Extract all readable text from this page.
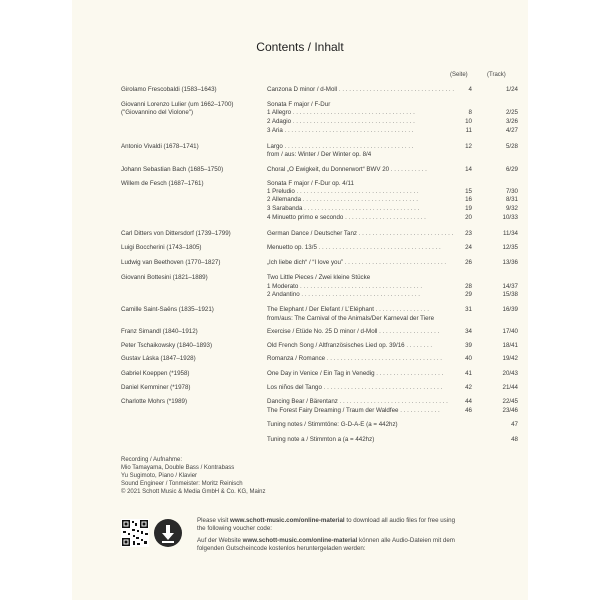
Contents / Inhalt
(Seite)	(Track)
Girolamo Frescobaldi (1583–1643)	Canzona D minor / d-Moll . . . . . . . . . . . . . . . . . . . . . . . . . . . . . . . . . .	4	1/24
Giovanni Lorenzo Lulier (um 1662–1700)	Sonata F major / F-Dur
("Giovannino del Violone")	1 Allegro . . . . . . . . . . . . . . . . . . . . . . . . . . . . . . . . . . . .	8	2/25
2 Adagio . . . . . . . . . . . . . . . . . . . . . . . . . . . . . . . . . . . .	10	3/26
3 Aria . . . . . . . . . . . . . . . . . . . . . . . . . . . . . . . . . . . . . .	11	4/27
Antonio Vivaldi (1678–1741)	Largo . . . . . . . . . . . . . . . . . . . . . . . . . . . . . . . . . . . . . .	12	5/28
from / aus: Winter / Der Winter op. 8/4
Johann Sebastian Bach (1685–1750)	Choral „O Ewigkeit, du Donnerwort“ BWV 20 . . . . . . . . . . .	14	6/29
Willem de Fesch (1687–1761)	Sonata F major / F-Dur op. 4/11
1 Preludio . . . . . . . . . . . . . . . . . . . . . . . . . . . . . . . . . . . .	15	7/30
2 Allemanda . . . . . . . . . . . . . . . . . . . . . . . . . . . . . . . . . .	16	8/31
3 Sarabanda . . . . . . . . . . . . . . . . . . . . . . . . . . . . . . . . . .	19	9/32
4 Minuetto primo e secondo . . . . . . . . . . . . . . . . . . . . . . . .	20	10/33
Carl Ditters von Dittersdorf (1739–1799)	German Dance / Deutscher Tanz . . . . . . . . . . . . . . . . . . . . . . . . . . . .	23	11/34
Luigi Boccherini (1743–1805)	Menuetto op. 13/5 . . . . . . . . . . . . . . . . . . . . . . . . . . . . . . . . . . . .	24	12/35
Ludwig van Beethoven (1770–1827)	„Ich liebe dich“ / “I love you” . . . . . . . . . . . . . . . . . . . . . . . . . . . . . .	26	13/36
Giovanni Bottesini (1821–1889)	Two Little Pieces / Zwei kleine Stücke
1 Moderato . . . . . . . . . . . . . . . . . . . . . . . . . . . . . . . . . . . .	28	14/37
2 Andantino . . . . . . . . . . . . . . . . . . . . . . . . . . . . . . . . . . .	29	15/38
Camille Saint-Saëns (1835–1921)	The Elephant / Der Elefant / L’Eléphant . . . . . . . . . . . . . . . .	31	16/39
from/aus: The Carnival of the Animals/Der Karneval der Tiere
Franz Simandl (1840–1912)	Exercise / Etüde No. 25 D minor / d-Moll . . . . . . . . . . . . . . . . . .	34	17/40
Peter Tschaikowsky (1840–1893)	Old French Song / Altfranzösisches Lied op. 39/16 . . . . . . . .	39	18/41
Gustav Láska (1847–1928)	Romanza / Romance . . . . . . . . . . . . . . . . . . . . . . . . . . . . . . . . . .	40	19/42
Gabriel Koeppen (*1958)	One Day in Venice / Ein Tag in Venedig . . . . . . . . . . . . . . . . . . . .	41	20/43
Daniel Kemminer (*1978)	Los niños del Tango . . . . . . . . . . . . . . . . . . . . . . . . . . . . . . . . . . .	42	21/44
Charlotte Mohrs (*1989)	Dancing Bear / Bärentanz . . . . . . . . . . . . . . . . . . . . . . . . . . . . . . . .	44	22/45
The Forest Fairy Dreaming / Traum der Waldfee . . . . . . . . . . . .	46	23/46
Tuning notes / Stimmtöne: G-D-A-E (a = 442hz)	47
Tuning note a / Stimmton a (a = 442hz)	48
Recording / Aufnahme:
Mio Tamayama, Double Bass / Kontrabass
Yu Sugimoto, Piano / Klavier
Sound Engineer / Tonmeister: Moritz Reinisch
© 2021 Schott Music & Media GmbH & Co. KG, Mainz
Please visit www.schott-music.com/online-material to download all audio files for free using
the following voucher code:
Auf der Website www.schott-music.com/online-material können alle Audio-Dateien mit dem
folgenden Gutscheincode kostenlos heruntergeladen werden:
